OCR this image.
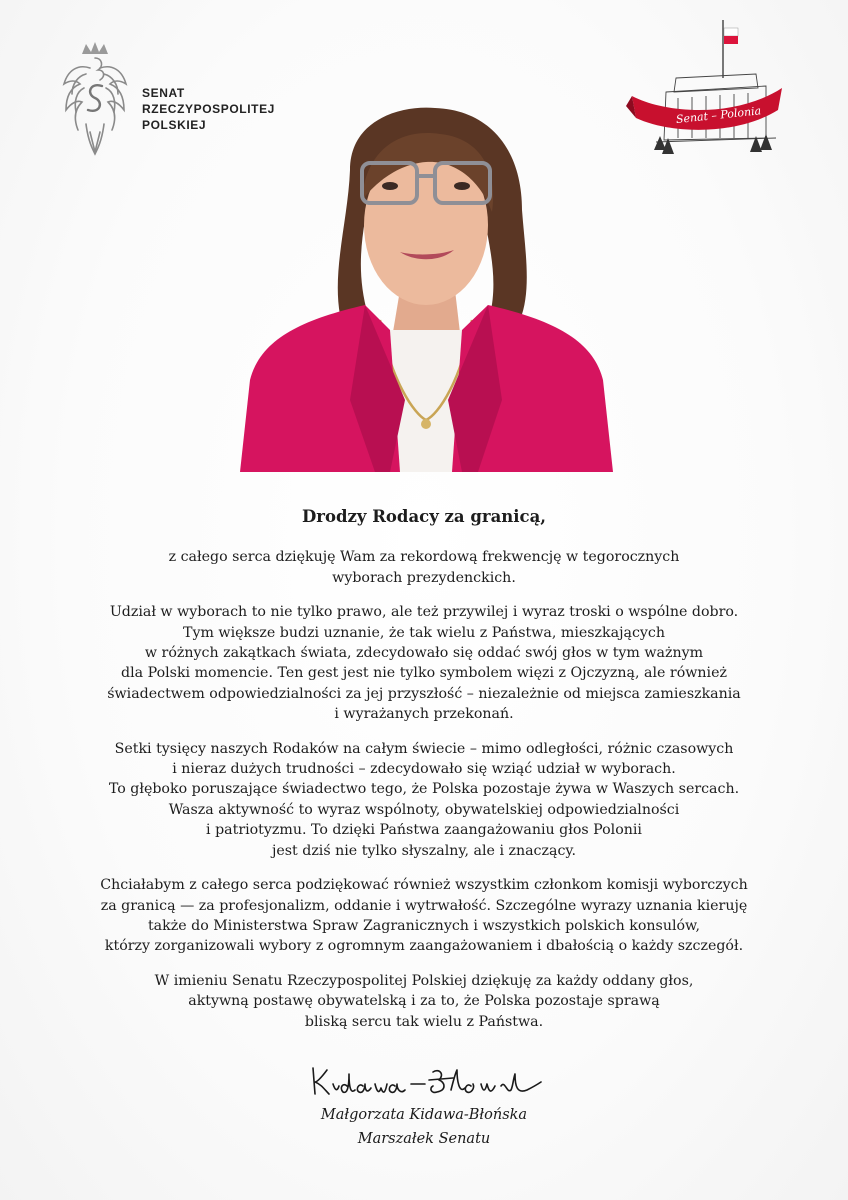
SENAT
RZECZYPOSPOLITEJ
POLSKIEJ	Senat – Polonia
Drodzy Rodacy za granicą,

z całego serca dziękuję Wam za rekordową frekwencję w tegorocznych
wyborach prezydenckich.

Udział w wyborach to nie tylko prawo, ale też przywilej i wyraz troski o wspólne dobro.
Tym większe budzi uznanie, że tak wielu z Państwa, mieszkających
w różnych zakątkach świata, zdecydowało się oddać swój głos w tym ważnym
dla Polski momencie. Ten gest jest nie tylko symbolem więzi z Ojczyzną, ale również
świadectwem odpowiedzialności za jej przyszłość – niezależnie od miejsca zamieszkania
i wyrażanych przekonań.

Setki tysięcy naszych Rodaków na całym świecie – mimo odległości, różnic czasowych
i nieraz dużych trudności – zdecydowało się wziąć udział w wyborach.
To głęboko poruszające świadectwo tego, że Polska pozostaje żywa w Waszych sercach.
Wasza aktywność to wyraz wspólnoty, obywatelskiej odpowiedzialności
i patriotyzmu. To dzięki Państwa zaangażowaniu głos Polonii
jest dziś nie tylko słyszalny, ale i znaczący.

Chciałabym z całego serca podziękować również wszystkim członkom komisji wyborczych
za granicą — za profesjonalizm, oddanie i wytrwałość. Szczególne wyrazy uznania kieruję
także do Ministerstwa Spraw Zagranicznych i wszystkich polskich konsulów,
którzy zorganizowali wybory z ogromnym zaangażowaniem i dbałością o każdy szczegół.

W imieniu Senatu Rzeczypospolitej Polskiej dziękuję za każdy oddany głos,
aktywną postawę obywatelską i za to, że Polska pozostaje sprawą
bliską sercu tak wielu z Państwa.

Małgorzata Kidawa-Błońska
Marszałek Senatu
